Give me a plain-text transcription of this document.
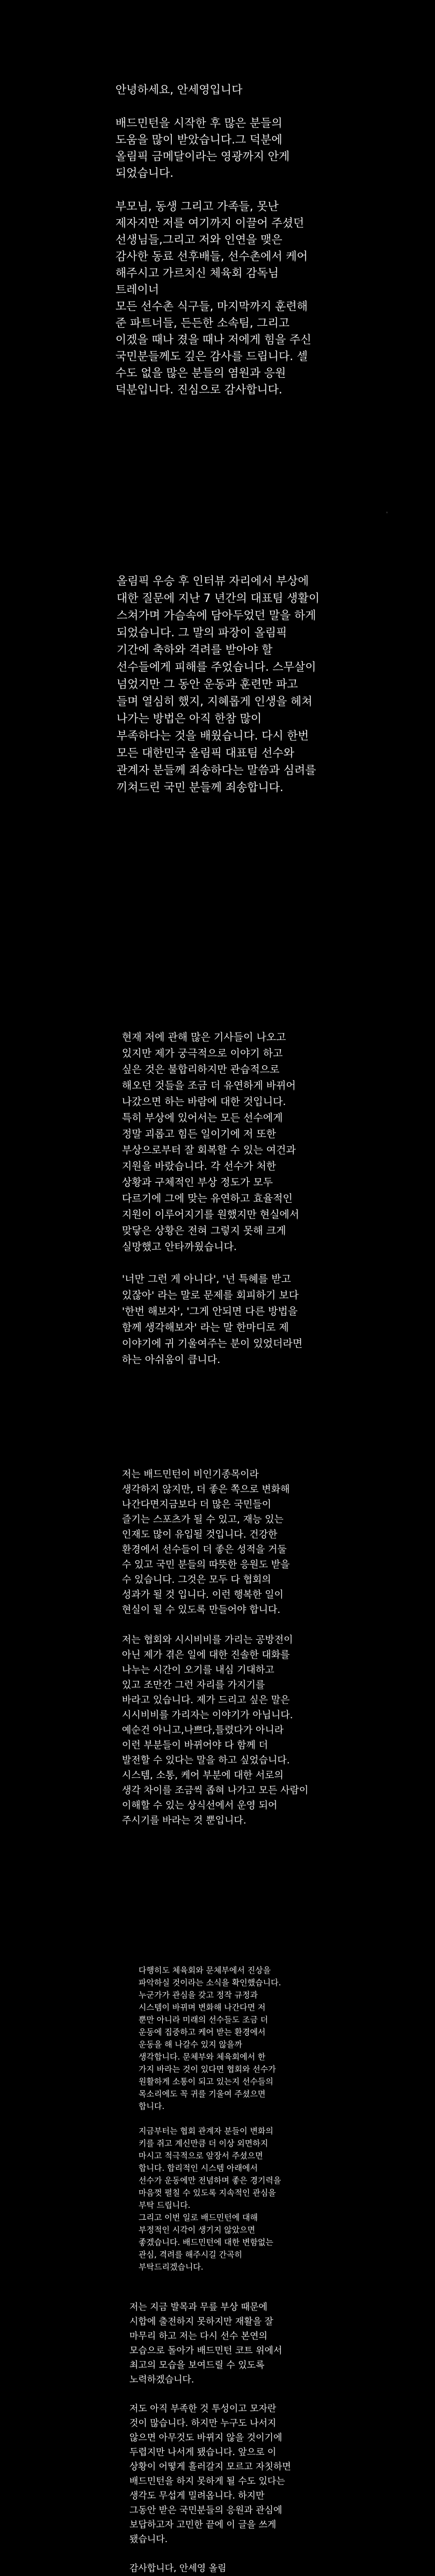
안녕하세요, 안세영입니다

배드민턴을 시작한 후 많은 분들의
도움을 많이 받았습니다.그 덕분에
올림픽 금메달이라는 영광까지 안게
되었습니다.

부모님, 동생 그리고 가족들, 못난
제자지만 저를 여기까지 이끌어 주셨던
선생님들,그리고 저와 인연을 맺은
감사한 동료 선후배들, 선수촌에서 케어
해주시고 가르치신 체육회 감독님 트레이너
모든 선수촌 식구들, 마지막까지 훈련해
준 파트너들, 든든한 소속팀, 그리고
이겠을 때나 졌을 때나 저에게 힘을 주신
국민분들께도 깊은 감사를 드립니다. 셀
수도 없을 많은 분들의 염원과 응원
덕분입니다. 진심으로 감사합니다.

올림픽 우승 후 인터뷰 자리에서 부상에
대한 질문에 지난 7 년간의 대표팀 생활이
스쳐가며 가슴속에 담아두었던 말을 하게
되었습니다. 그 말의 파장이 올림픽
기간에 축하와 격려를 받아야 할
선수들에게 피해를 주었습니다. 스무살이
넘었지만 그 동안 운동과 훈련만 파고
들며 열심히 했지, 지혜롭게 인생을 헤쳐
나가는 방법은 아직 한참 많이
부족하다는 것을 배웠습니다. 다시 한번
모든 대한민국 올림픽 대표팀 선수와
관계자 분들께 죄송하다는 말씀과 심려를
끼쳐드린 국민 분들께 죄송합니다.

현재 저에 관해 많은 기사들이 나오고
있지만 제가 궁극적으로 이야기 하고
싶은 것은 불합리하지만 관습적으로
해오던 것들을 조금 더 유연하게 바뀌어
나갔으면 하는 바람에 대한 것입니다.
특히 부상에 있어서는 모든 선수에게
정말 괴롭고 힘든 일이기에 저 또한
부상으로부터 잘 회복할 수 있는 여건과
지원을 바랐습니다. 각 선수가 처한
상황과 구체적인 부상 정도가 모두
다르기에 그에 맞는 유연하고 효율적인
지원이 이루어지기를 원했지만 현실에서
맞닿은 상황은 전혀 그렇지 못해 크게
실망했고 안타까웠습니다.

'너만 그런 게 아니다', '넌 특혜를 받고
있잖아' 라는 말로 문제를 회피하기 보다
'한번 해보자', '그게 안되면 다른 방법을
함께 생각해보자' 라는 말 한마디로 제
이야기에 귀 기울여주는 분이 있었더라면
하는 아쉬움이 큽니다.

저는 배드민턴이 비인기종목이라
생각하지 않지만, 더 좋은 쪽으로 변화해
나간다면지금보다 더 많은 국민들이
즐기는 스포츠가 될 수 있고, 재능 있는
인재도 많이 유입될 것입니다. 건강한
환경에서 선수들이 더 좋은 성적을 거둘
수 있고 국민 분들의 따뜻한 응원도 받을
수 있습니다. 그것은 모두 다 협회의
성과가 될 것 입니다. 이런 행복한 일이
현실이 될 수 있도록 만들어야 합니다.

저는 협회와 시시비비를 가리는 공방전이
아닌 제가 겪은 일에 대한 진솔한 대화를
나누는 시간이 오기를 내심 기대하고
있고 조만간 그런 자리를 가지기를
바라고 있습니다. 제가 드리고 싶은 말은
시시비비를 가리자는 이야기가 아닙니다.
예순건 아니고,나쁘다,틀렸다가 아니라
이런 부분들이 바뀌어야 다 함께 더
발전할 수 있다는 말을 하고 싶었습니다.
시스템, 소통, 케어 부분에 대한 서로의
생각 차이를 조금씩 좁혀 나가고 모든 사람이
이해할 수 있는 상식선에서 운영 되어
주시기를 바라는 것 뿐입니다.

다행히도 체육회와 문체부에서 진상을
파악하실 것이라는 소식을 확인했습니다.
누군가가 관심을 갖고 정작 규정과
시스템이 바뀌며 변화해 나간다면 저
뿐만 아니라 미래의 선수들도 조금 더
운동에 집중하고 케어 받는 환경에서
운동을 해 나갈수 있지 않을까
생각합니다. 문체부와 체육회에서 한
가지 바라는 것이 있다면 협회와 선수가
원활하게 소통이 되고 있는지 선수들의
목소리에도 꼭 귀를 기울여 주셨으면
합니다.

지금부터는 협회 관계자 분들이 변화의
키를 쥐고 계신만큼 더 이상 외면하지
마시고 적극적으로 앞장서 주셨으면
합니다. 합리적인 시스템 아래에서
선수가 운동에만 전념하며 좋은 경기력을
마음껏 펼칠 수 있도록 지속적인 관심을
부탁 드립니다.
그리고 이번 일로 배드민턴에 대해
부정적인 시각이 생기지 않았으면
좋겠습니다. 배드민턴에 대한 변함없는
관심, 격려를 해주시길 간곡히
부탁드리겠습니다.

저는 지금 발목과 무릎 부상 때문에
시합에 출전하지 못하지만 재활을 잘
마무리 하고 저는 다시 선수 본연의
모습으로 돌아가 배드민턴 코트 위에서
최고의 모습을 보여드릴 수 있도록
노력하겠습니다.

저도 아직 부족한 것 투성이고 모자란
것이 많습니다. 하지만 누구도 나서지
않으면 아무것도 바뀌지 않을 것이기에
두렵지만 나서게 됐습니다. 앞으로 이
상황이 어떻게 흘러갈지 모르고 자칫하면
배드민턴을 하지 못하게 될 수도 있다는
생각도 무섭게 밀려옵니다. 하지만
그동안 받은 국민분들의 응원과 관심에
보답하고자 고민한 끝에 이 글을 쓰게
됐습니다.

감사합니다, 안세영 올림
